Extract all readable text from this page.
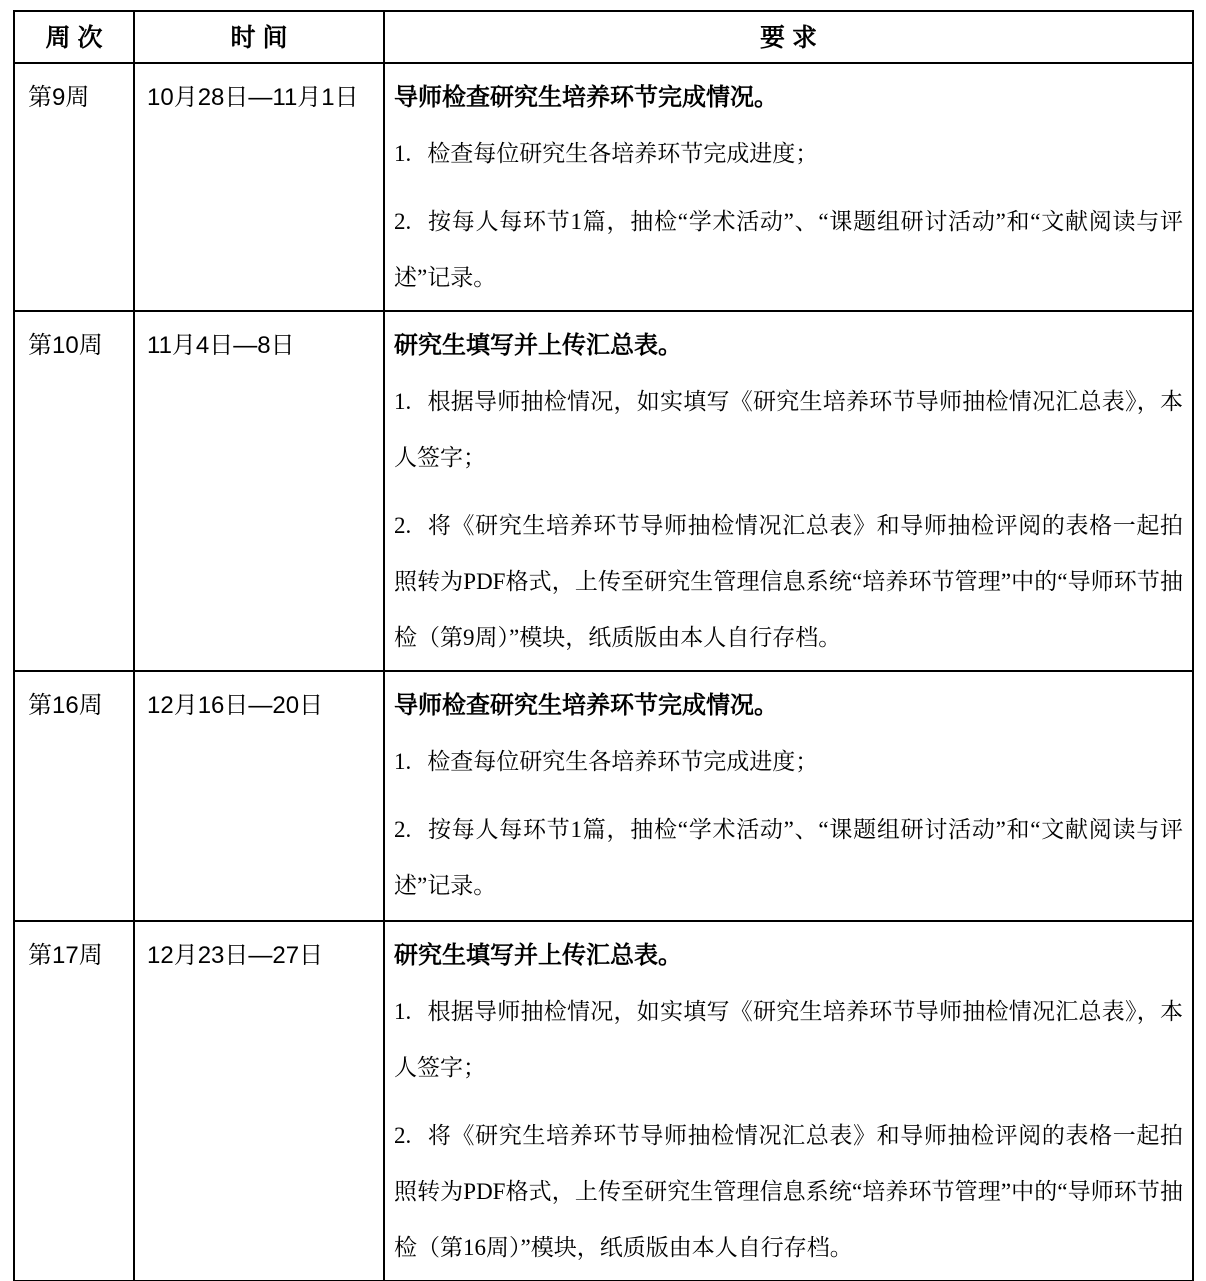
周 次	时 间	要 求
第9周	10月28日—11月1日	导师检查研究生培养环节完成情况。

1. 检查每位研究生各培养环节完成进度；

2. 按每人每环节1篇，抽检“学术活动”、“课题组研讨活动”和“文献阅读与评述”记录。

第10周	11月4日—8日	研究生填写并上传汇总表。

1. 根据导师抽检情况，如实填写《研究生培养环节导师抽检情况汇总表》，本人签字；

2. 将《研究生培养环节导师抽检情况汇总表》和导师抽检评阅的表格一起拍照转为PDF格式，上传至研究生管理信息系统“培养环节管理”中的“导师环节抽检（第9周）”模块，纸质版由本人自行存档。

第16周	12月16日—20日	导师检查研究生培养环节完成情况。

1. 检查每位研究生各培养环节完成进度；

2. 按每人每环节1篇，抽检“学术活动”、“课题组研讨活动”和“文献阅读与评述”记录。

第17周	12月23日—27日	研究生填写并上传汇总表。

1. 根据导师抽检情况，如实填写《研究生培养环节导师抽检情况汇总表》，本人签字；

2. 将《研究生培养环节导师抽检情况汇总表》和导师抽检评阅的表格一起拍照转为PDF格式，上传至研究生管理信息系统“培养环节管理”中的“导师环节抽检（第16周）”模块，纸质版由本人自行存档。
